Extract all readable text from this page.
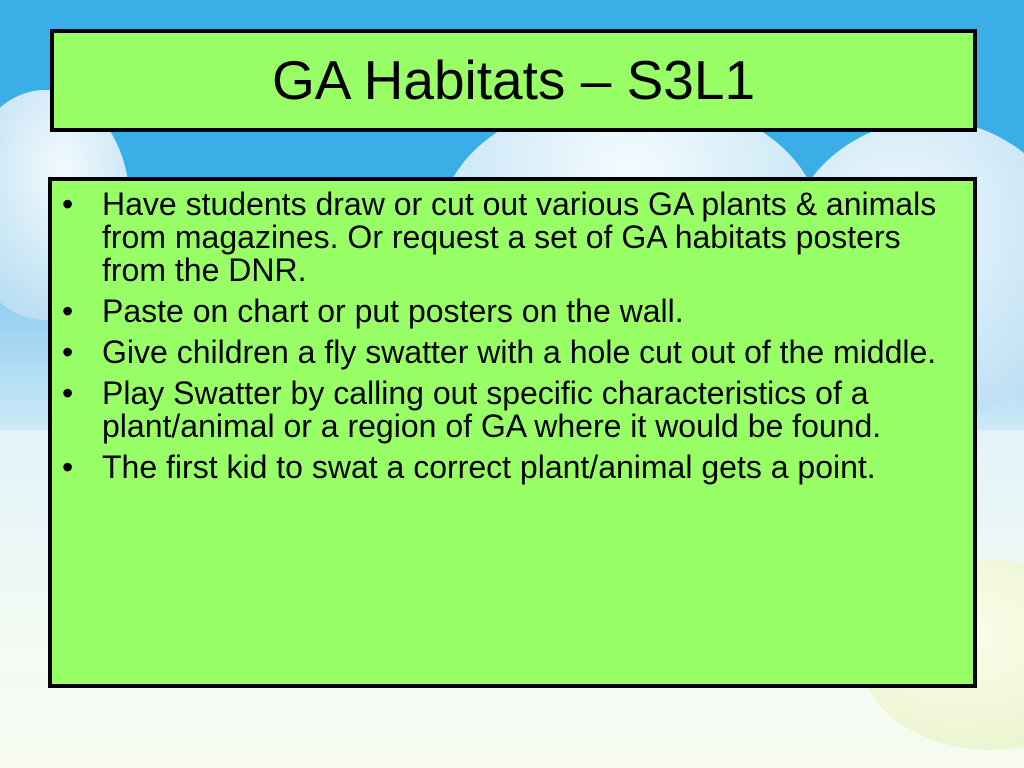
GA Habitats – S3L1
• Have students draw or cut out various GA plants & animals from magazines. Or request a set of GA habitats posters from the DNR.
• Paste on chart or put posters on the wall.
• Give children a fly swatter with a hole cut out of the middle.
• Play Swatter by calling out specific characteristics of a plant/animal or a region of GA where it would be found.
• The first kid to swat a correct plant/animal gets a point.
